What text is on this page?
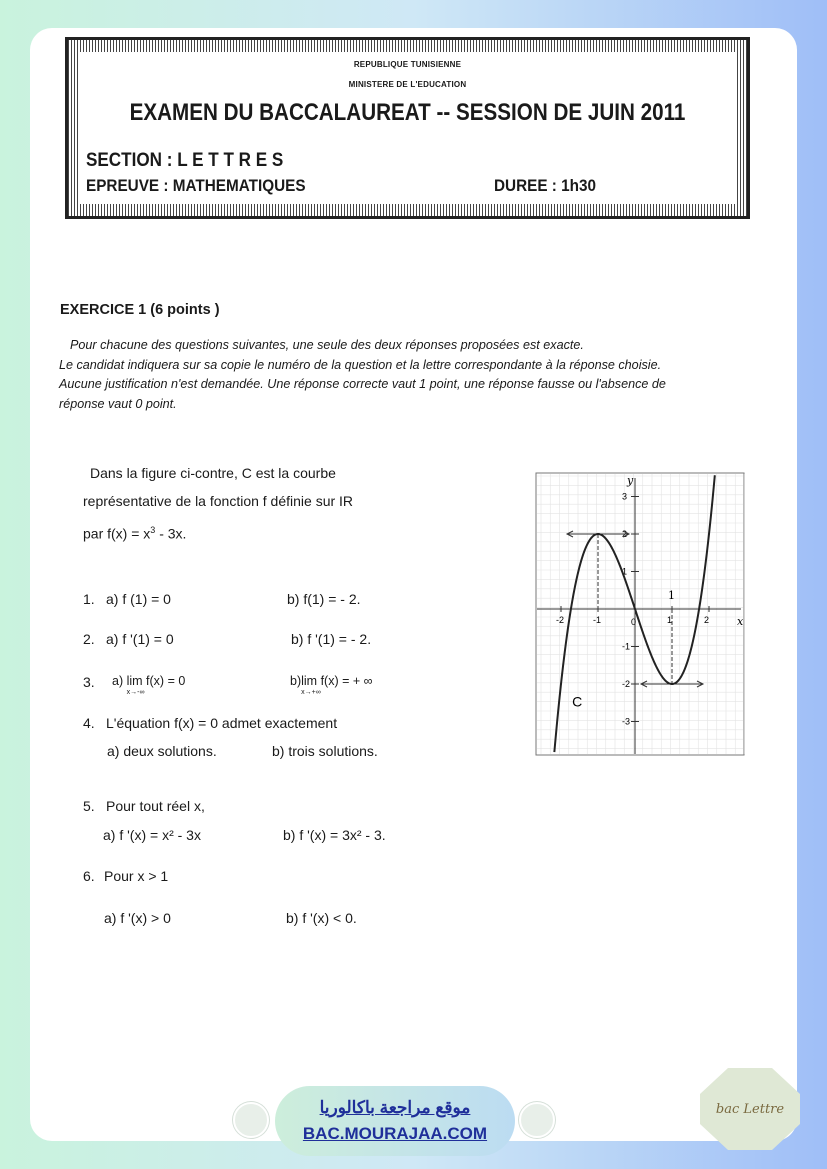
REPUBLIQUE TUNISIENNE
MINISTERE DE L'EDUCATION
EXAMEN DU BACCALAUREAT -- SESSION DE JUIN 2011
SECTION : L E T T R E S
EPREUVE : MATHEMATIQUES	DUREE : 1h30
EXERCICE 1 (6 points )
Pour chacune des questions suivantes, une seule des deux réponses proposées est exacte.
Le candidat indiquera sur sa copie le numéro de la question et la lettre correspondante à la réponse choisie.
Aucune justification n'est demandée. Une réponse correcte vaut 1 point, une réponse fausse ou l'absence de
réponse vaut 0 point.
Dans la figure ci-contre, C est la courbe
représentative de la fonction f définie sur IR
par $f(x) = x^3 - 3x$.
1. a) f (1) = 0	b) f(1) = - 2.
2. a) f '(1) = 0	b) f '(1) = - 2.
3. a) lim
x→-∞
f(x) = 0	b)lim
x→+∞
f(x) = + ∞
4. L'équation f(x) = 0 admet exactement
a) deux solutions.	b) trois solutions.
5. Pour tout réel x,
a) f '(x) = x² - 3x	b) f '(x) = 3x² - 3.
6. Pour x > 1
a) f '(x) > 0	b) f '(x) < 0.
x
y
-2	-1	0	1	2
3
2
1
-1
-2
-3
C
1
موقع مراجعة باكالوريا
BAC.MOURAJAA.COM
bac Lettre
